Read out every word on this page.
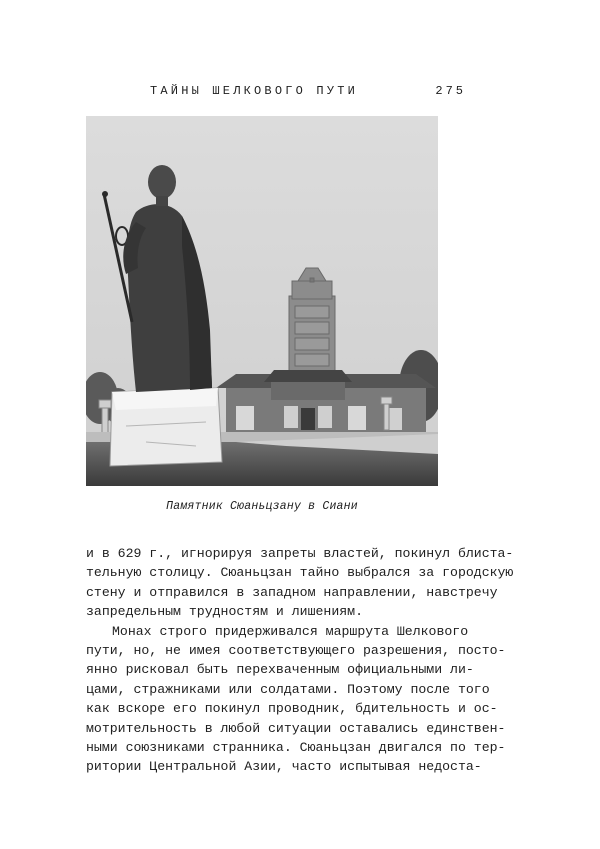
ТАЙНЫ ШЕЛКОВОГО ПУТИ	275
Памятник Сюаньцзану в Сиани
и в 629 г., игнорируя запреты властей, покинул блиста-
тельную столицу. Сюаньцзан тайно выбрался за городскую
стену и отправился в западном направлении, навстречу
запредельным трудностям и лишениям.
Монах строго придерживался маршрута Шелкового
пути, но, не имея соответствующего разрешения, посто-
янно рисковал быть перехваченным официальными ли-
цами, стражниками или солдатами. Поэтому после того
как вскоре его покинул проводник, бдительность и ос-
мотрительность в любой ситуации оставались единствен-
ными союзниками странника. Сюаньцзан двигался по тер-
ритории Центральной Азии, часто испытывая недоста-
